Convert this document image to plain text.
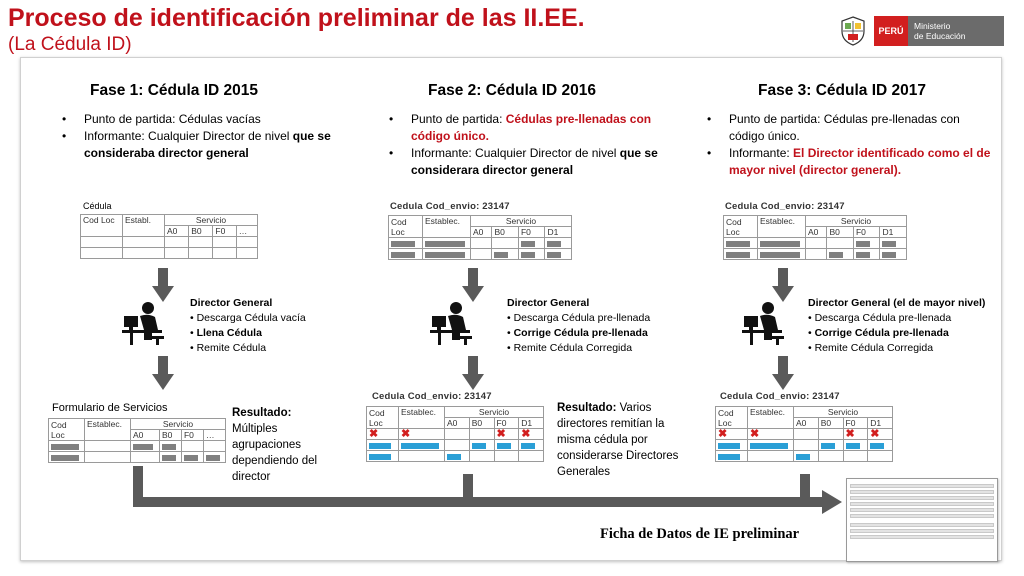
Proceso de identificación preliminar de las II.EE.
(La Cédula ID)
PERÚ	Ministerio
de Educación
Fase 1: Cédula ID 2015
• Punto de partida: Cédulas vacías
• Informante: Cualquier Director de nivel que se consideraba director general
Cédula
Cod Loc	Establ.	Servicio			
		A0	B0	F0	…

Director General
• Descarga Cédula vacía
• Llena Cédula
• Remite Cédula
Formulario de Servicios
Cod
Loc	Establec.	Servicio			
		A0	B0	F0	…

Resultado:
Múltiples agrupaciones dependiendo del director
Fase 2: Cédula ID 2016
• Punto de partida: Cédulas pre-llenadas con código único.
• Informante: Cualquier Director de nivel que se considerara director general
Cedula Cod_envio: 23147
Cod
Loc	Establec.	Servicio			
		A0	B0	F0	D1

Director General
• Descarga Cédula pre-llenada
• Corrige Cédula pre-llenada
• Remite Cédula Corregida
Cedula Cod_envio: 23147
Cod
Loc	Establec.	Servicio			
		A0	B0	F0	D1
✖	✖			✖	✖

Resultado: Varios directores remitían la misma cédula por considerarse Directores Generales
Fase 3: Cédula ID 2017
• Punto de partida: Cédulas pre-llenadas con código único.
• Informante: El Director identificado como el de mayor nivel (director general).
Cedula Cod_envio: 23147
Cod
Loc	Establec.	Servicio			
		A0	B0	F0	D1

Director General (el de mayor nivel)
• Descarga Cédula pre-llenada
• Corrige Cédula pre-llenada
• Remite Cédula Corregida
Cedula Cod_envio: 23147
Cod
Loc	Establec.	Servicio			
		A0	B0	F0	D1
✖	✖			✖	✖

Ficha de Datos de IE preliminar
